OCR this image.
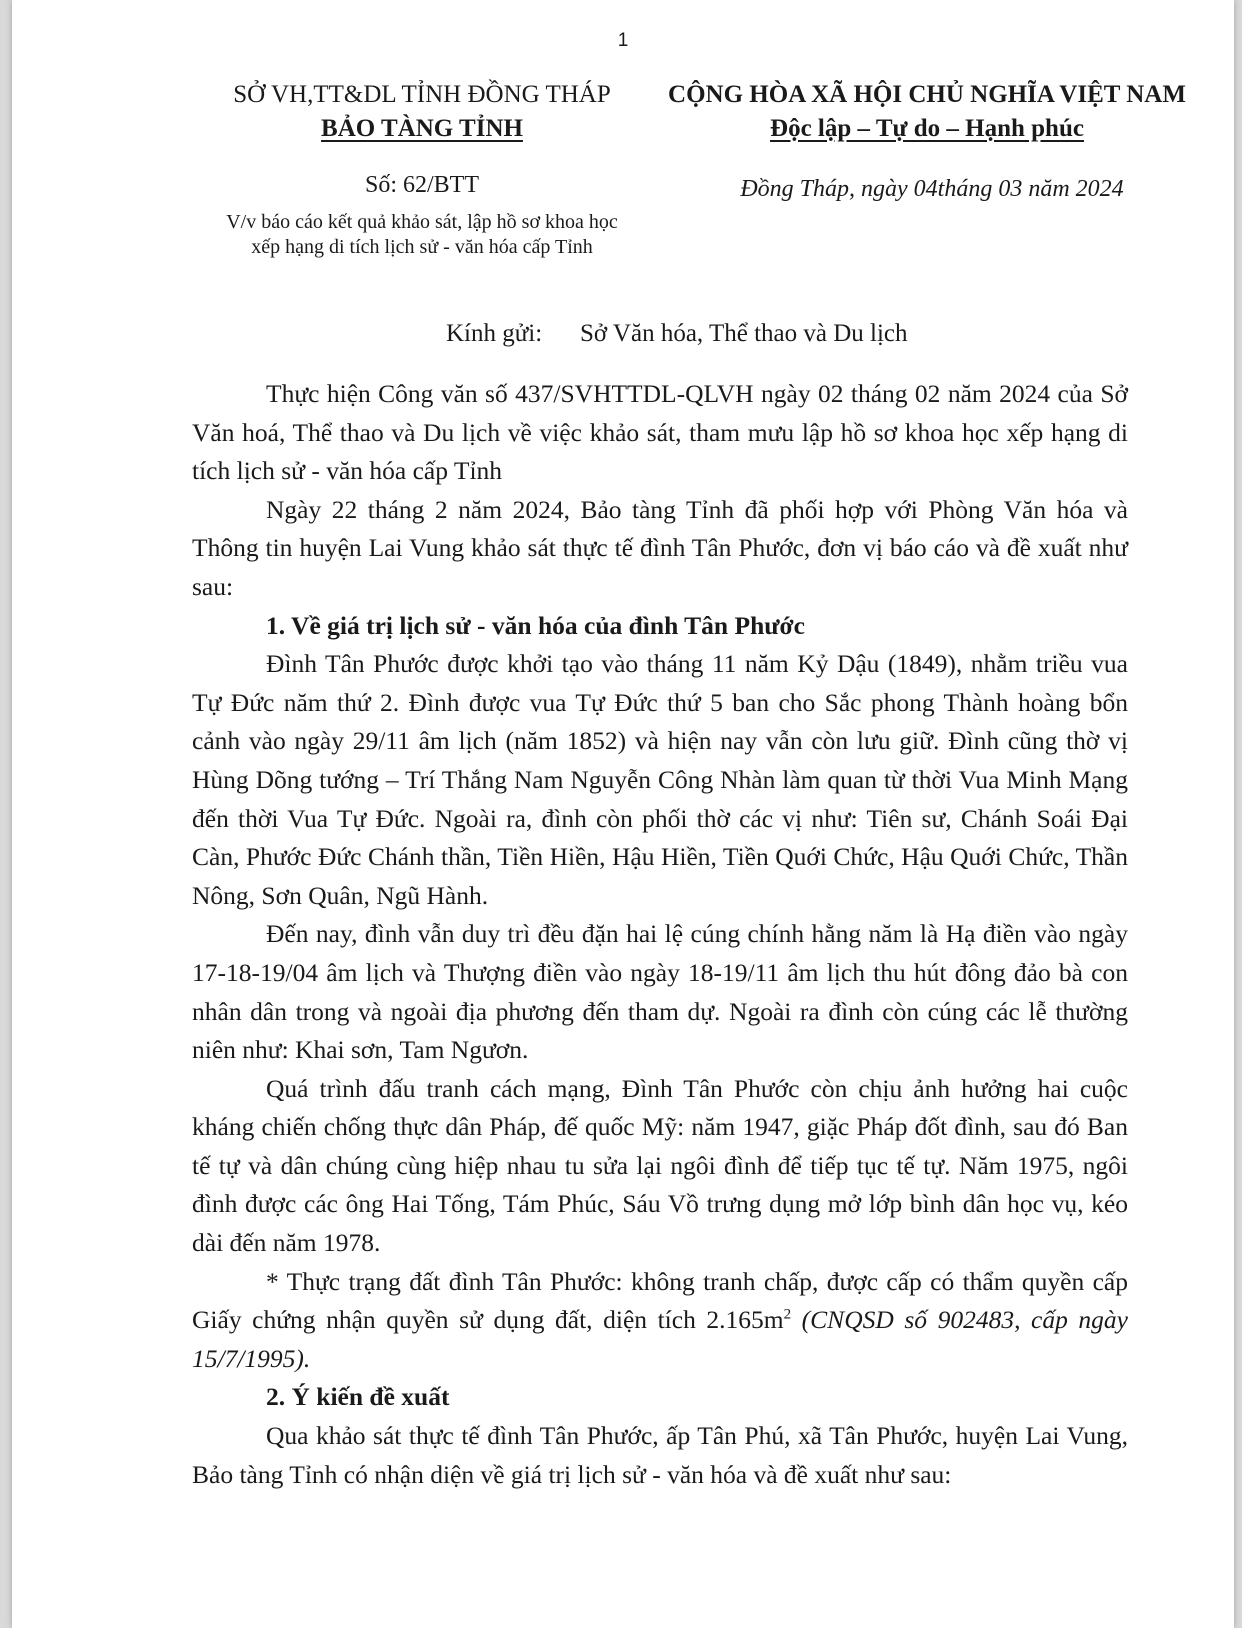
1
SỞ VH,TT&DL TỈNH ĐỒNG THÁP
BẢO TÀNG TỈNH
CỘNG HÒA XÃ HỘI CHỦ NGHĨA VIỆT NAM
Độc lập – Tự do – Hạnh phúc
Số: 62/BTT
V/v báo cáo kết quả khảo sát, lập hồ sơ khoa học
xếp hạng di tích lịch sử - văn hóa cấp Tỉnh
Đồng Tháp, ngày 04tháng 03 năm 2024
Kính gửi: Sở Văn hóa, Thể thao và Du lịch

Thực hiện Công văn số 437/SVHTTDL-QLVH ngày 02 tháng 02 năm 2024 của Sở Văn hoá, Thể thao và Du lịch về việc khảo sát, tham mưu lập hồ sơ khoa học xếp hạng di tích lịch sử - văn hóa cấp Tỉnh

Ngày 22 tháng 2 năm 2024, Bảo tàng Tỉnh đã phối hợp với Phòng Văn hóa và Thông tin huyện Lai Vung khảo sát thực tế đình Tân Phước, đơn vị báo cáo và đề xuất như sau:

1. Về giá trị lịch sử - văn hóa của đình Tân Phước

Đình Tân Phước được khởi tạo vào tháng 11 năm Kỷ Dậu (1849), nhằm triều vua Tự Đức năm thứ 2. Đình được vua Tự Đức thứ 5 ban cho Sắc phong Thành hoàng bổn cảnh vào ngày 29/11 âm lịch (năm 1852) và hiện nay vẫn còn lưu giữ. Đình cũng thờ vị Hùng Dõng tướng – Trí Thắng Nam Nguyễn Công Nhàn làm quan từ thời Vua Minh Mạng đến thời Vua Tự Đức. Ngoài ra, đình còn phối thờ các vị như: Tiên sư, Chánh Soái Đại Càn, Phước Đức Chánh thần, Tiền Hiền, Hậu Hiền, Tiền Quới Chức, Hậu Quới Chức, Thần Nông, Sơn Quân, Ngũ Hành.

Đến nay, đình vẫn duy trì đều đặn hai lệ cúng chính hằng năm là Hạ điền vào ngày 17-18-19/04 âm lịch và Thượng điền vào ngày 18-19/11 âm lịch thu hút đông đảo bà con nhân dân trong và ngoài địa phương đến tham dự. Ngoài ra đình còn cúng các lễ thường niên như: Khai sơn, Tam Ngươn.

Quá trình đấu tranh cách mạng, Đình Tân Phước còn chịu ảnh hưởng hai cuộc kháng chiến chống thực dân Pháp, đế quốc Mỹ: năm 1947, giặc Pháp đốt đình, sau đó Ban tế tự và dân chúng cùng hiệp nhau tu sửa lại ngôi đình để tiếp tục tế tự. Năm 1975, ngôi đình được các ông Hai Tống, Tám Phúc, Sáu Vồ trưng dụng mở lớp bình dân học vụ, kéo dài đến năm 1978.

* Thực trạng đất đình Tân Phước: không tranh chấp, được cấp có thẩm quyền cấp Giấy chứng nhận quyền sử dụng đất, diện tích $2.165m^2$ (CNQSD số 902483, cấp ngày 15/7/1995).

2. Ý kiến đề xuất

Qua khảo sát thực tế đình Tân Phước, ấp Tân Phú, xã Tân Phước, huyện Lai Vung, Bảo tàng Tỉnh có nhận diện về giá trị lịch sử - văn hóa và đề xuất như sau:
